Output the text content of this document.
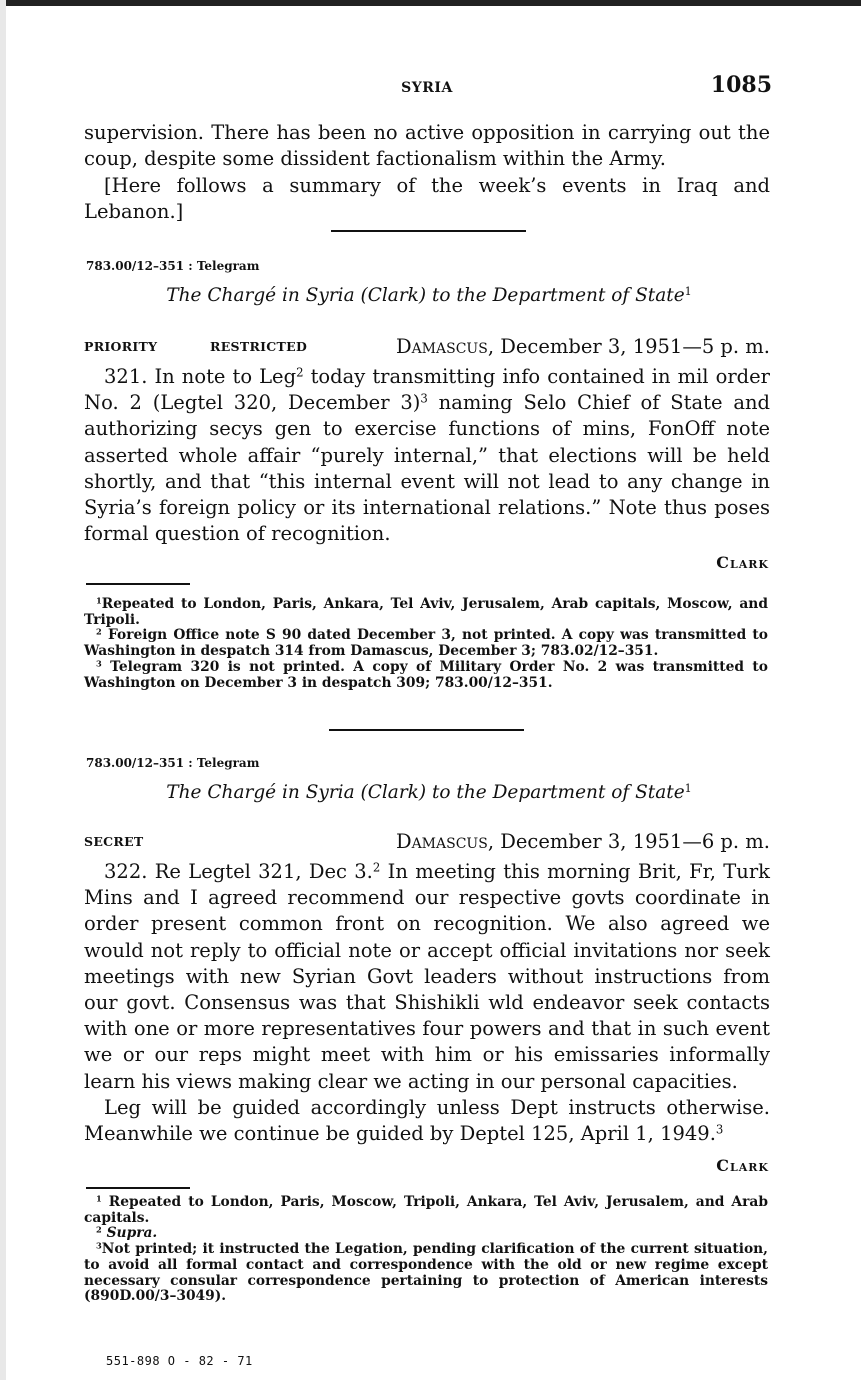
SYRIA	1085
supervision. There has been no active opposition in carrying out the coup, despite some dissident factionalism within the Army.
[Here follows a summary of the week’s events in Iraq and Lebanon.]
783.00/12–351 : Telegram
The Chargé in Syria (Clark) to the Department of State$^1$
PRIORITY	RESTRICTED	Damascus, December 3, 1951—5 p. m.
321. In note to Leg$^2$ today transmitting info contained in mil order No. 2 (Legtel 320, December 3)$^3$ naming Selo Chief of State and authorizing secys gen to exercise functions of mins, FonOff note asserted whole affair “purely internal,” that elections will be held shortly, and that “this internal event will not lead to any change in Syria’s foreign policy or its international relations.” Note thus poses formal question of recognition.
Clark

$^1$Repeated to London, Paris, Ankara, Tel Aviv, Jerusalem, Arab capitals, Moscow, and Tripoli.

$^2$ Foreign Office note S 90 dated December 3, not printed. A copy was transmitted to Washington in despatch 314 from Damascus, December 3; 783.02/12–351.

$^3$ Telegram 320 is not printed. A copy of Military Order No. 2 was transmitted to Washington on December 3 in despatch 309; 783.00/12–351.

783.00/12–351 : Telegram
The Chargé in Syria (Clark) to the Department of State$^1$
SECRET	Damascus, December 3, 1951—6 p. m.
322. Re Legtel 321, Dec 3.$^2$ In meeting this morning Brit, Fr, Turk Mins and I agreed recommend our respective govts coordinate in order present common front on recognition. We also agreed we would not reply to official note or accept official invitations nor seek meetings with new Syrian Govt leaders without instructions from our govt. Consensus was that Shishikli wld endeavor seek contacts with one or more representatives four powers and that in such event we or our reps might meet with him or his emissaries informally learn his views making clear we acting in our personal capacities.
Leg will be guided accordingly unless Dept instructs otherwise. Meanwhile we continue be guided by Deptel 125, April 1, 1949.$^3$
Clark

$^1$ Repeated to London, Paris, Moscow, Tripoli, Ankara, Tel Aviv, Jerusalem, and Arab capitals.

$^2$ Supra.

$^3$Not printed; it instructed the Legation, pending clarification of the current situation, to avoid all formal contact and correspondence with the old or new regime except necessary consular correspondence pertaining to protection of American interests (890D.00/3–3049).

551-898 O - 82 - 71
